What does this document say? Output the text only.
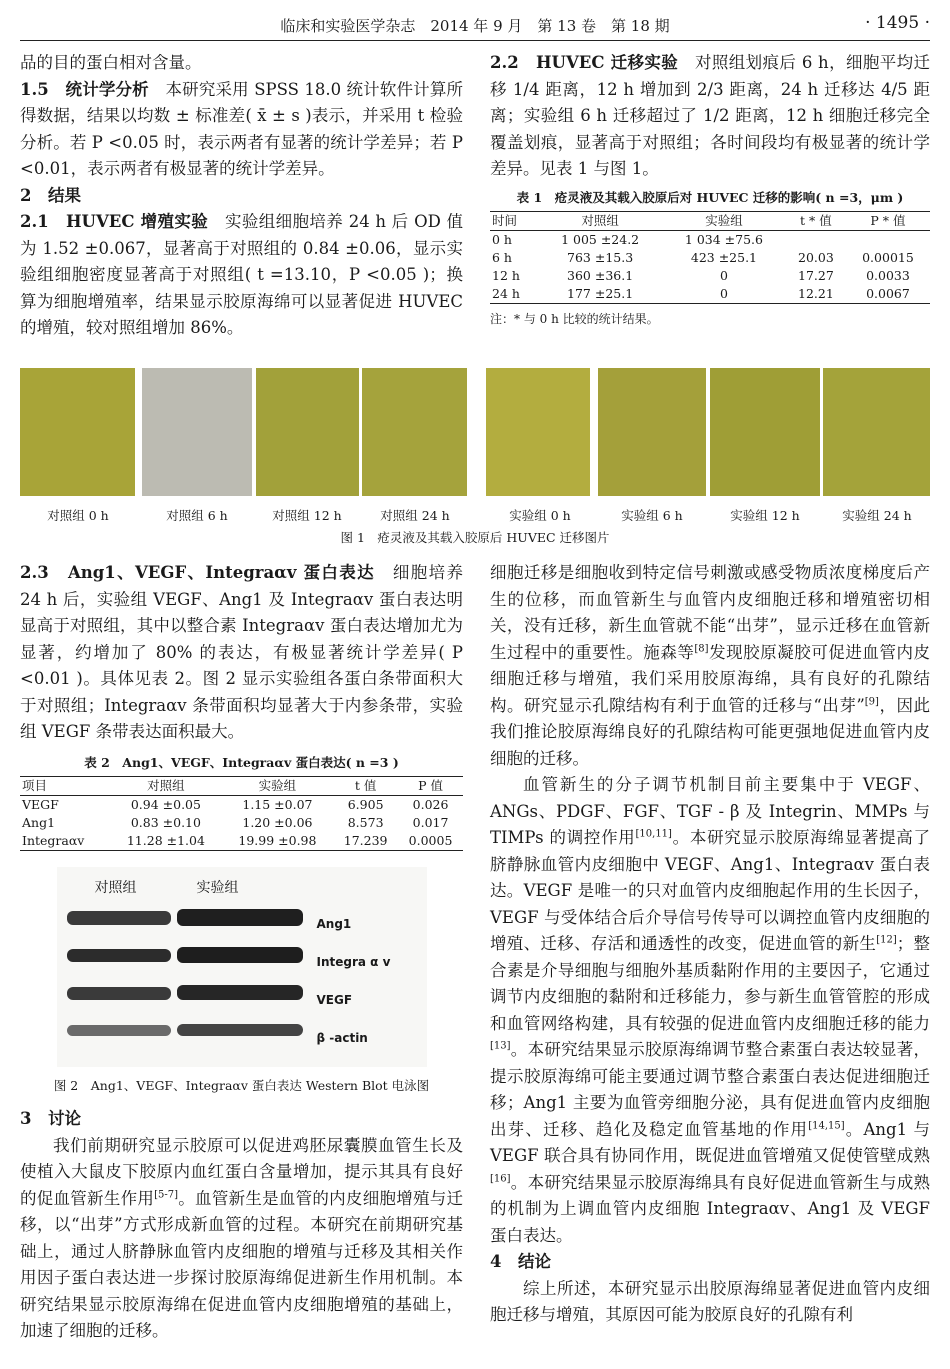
临床和实验医学杂志　2014 年 9 月　第 13 卷　第 18 期	· 1495 ·

品的目的蛋白相对含量。

1.5　统计学分析　本研究采用 SPSS 18.0 统计软件计算所得数据，结果以均数 ± 标准差( x̄ ± s )表示，并采用 t 检验分析。若 P <0.05 时，表示两者有显著的统计学差异；若 P <0.01，表示两者有极显著的统计学差异。

2　结果

2.1　HUVEC 增殖实验　实验组细胞培养 24 h 后 OD 值为 1.52 ±0.067，显著高于对照组的 0.84 ±0.06，显示实验组细胞密度显著高于对照组( t =13.10，P <0.05 )；换算为细胞增殖率，结果显示胶原海绵可以显著促进 HUVEC 的增殖，较对照组增加 86%。

2.2　HUVEC 迁移实验　对照组划痕后 6 h，细胞平均迁移 1/4 距离，12 h 增加到 2/3 距离，24 h 迁移达 4/5 距离；实验组 6 h 迁移超过了 1/2 距离，12 h 细胞迁移完全覆盖划痕，显著高于对照组；各时间段均有极显著的统计学差异。见表 1 与图 1。

表 1　疮灵液及其载入胶原后对 HUVEC 迁移的影响( n =3，μm )
时间	对照组	实验组	t * 值	P * 值
0 h	1 005 ±24.2	1 034 ±75.6		
6 h	763 ±15.3	423 ±25.1	20.03	0.00015
12 h	360 ±36.1	0	17.27	0.0033
24 h	177 ±25.1	0	12.21	0.0067
注：* 与 0 h 比较的统计结果。
对照组 0 h	对照组 6 h	对照组 12 h	对照组 24 h	实验组 0 h	实验组 6 h	实验组 12 h	实验组 24 h
图 1　疮灵液及其载入胶原后 HUVEC 迁移图片

2.3　Ang1、VEGF、Integraαv 蛋白表达　细胞培养 24 h 后，实验组 VEGF、Ang1 及 Integraαv 蛋白表达明显高于对照组，其中以整合素 Integraαv 蛋白表达增加尤为显著，约增加了 80% 的表达，有极显著统计学差异( P <0.01 )。具体见表 2。图 2 显示实验组各蛋白条带面积大于对照组；Integraαv 条带面积均显著大于内参条带，实验组 VEGF 条带表达面积最大。

表 2　Ang1、VEGF、Integraαv 蛋白表达( n =3 )
项目	对照组	实验组	t 值	P 值
VEGF	0.94 ±0.05	1.15 ±0.07	6.905	0.026
Ang1	0.83 ±0.10	1.20 ±0.06	8.573	0.017
Integraαv	11.28 ±1.04	19.99 ±0.98	17.239	0.0005
对照组	实验组
Ang1
Integra α v
VEGF
β -actin
图 2　Ang1、VEGF、Integraαv 蛋白表达 Western Blot 电泳图

3　讨论

我们前期研究显示胶原可以促进鸡胚尿囊膜血管生长及使植入大鼠皮下胶原内血红蛋白含量增加，提示其具有良好的促血管新生作用[5-7]。血管新生是血管的内皮细胞增殖与迁移，以“出芽”方式形成新血管的过程。本研究在前期研究基础上，通过人脐静脉血管内皮细胞的增殖与迁移及其相关作用因子蛋白表达进一步探讨胶原海绵促进新生作用机制。本研究结果显示胶原海绵在促进血管内皮细胞增殖的基础上，加速了细胞的迁移。

细胞迁移是细胞收到特定信号刺激或感受物质浓度梯度后产生的位移，而血管新生与血管内皮细胞迁移和增殖密切相关，没有迁移，新生血管就不能“出芽”，显示迁移在血管新生过程中的重要性。施森等[8]发现胶原凝胶可促进血管内皮细胞迁移与增殖，我们采用胶原海绵，具有良好的孔隙结构。研究显示孔隙结构有利于血管的迁移与“出芽”[9]，因此我们推论胶原海绵良好的孔隙结构可能更强地促进血管内皮细胞的迁移。

血管新生的分子调节机制目前主要集中于 VEGF、ANGs、PDGF、FGF、TGF - β 及 Integrin、MMPs 与 TIMPs 的调控作用[10,11]。本研究显示胶原海绵显著提高了脐静脉血管内皮细胞中 VEGF、Ang1、Integraαv 蛋白表达。VEGF 是唯一的只对血管内皮细胞起作用的生长因子，VEGF 与受体结合后介导信号传导可以调控血管内皮细胞的增殖、迁移、存活和通透性的改变，促进血管的新生[12]；整合素是介导细胞与细胞外基质黏附作用的主要因子，它通过调节内皮细胞的黏附和迁移能力，参与新生血管管腔的形成和血管网络构建，具有较强的促进血管内皮细胞迁移的能力[13]。本研究结果显示胶原海绵调节整合素蛋白表达较显著，提示胶原海绵可能主要通过调节整合素蛋白表达促进细胞迁移；Ang1 主要为血管旁细胞分泌，具有促进血管内皮细胞出芽、迁移、趋化及稳定血管基地的作用[14,15]。Ang1 与 VEGF 联合具有协同作用，既促进血管增殖又促使管壁成熟[16]。本研究结果显示胶原海绵具有良好促进血管新生与成熟的机制为上调血管内皮细胞 Integraαv、Ang1 及 VEGF 蛋白表达。

4　结论

综上所述，本研究显示出胶原海绵显著促进血管内皮细胞迁移与增殖，其原因可能为胶原良好的孔隙有利
